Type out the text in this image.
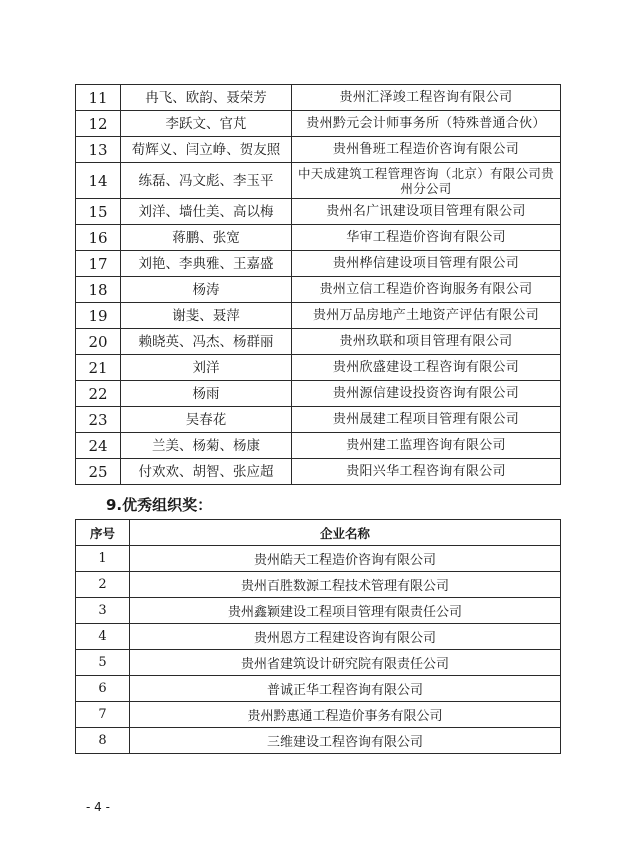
11	冉飞、欧韵、聂荣芳	贵州汇泽竣工程咨询有限公司
12	李跃文、官芃	贵州黔元会计师事务所（特殊普通合伙）
13	荀辉义、闫立峥、贺友照	贵州鲁班工程造价咨询有限公司
14	练磊、冯文彪、李玉平	中天成建筑工程管理咨询（北京）有限公司贵州分公司
15	刘洋、墙仕美、高以梅	贵州名广讯建设项目管理有限公司
16	蒋鹏、张宽	华审工程造价咨询有限公司
17	刘艳、李典雅、王嘉盛	贵州桦信建设项目管理有限公司
18	杨涛	贵州立信工程造价咨询服务有限公司
19	谢斐、聂萍	贵州万品房地产土地资产评估有限公司
20	赖晓英、冯杰、杨群丽	贵州玖联和项目管理有限公司
21	刘洋	贵州欣盛建设工程咨询有限公司
22	杨雨	贵州源信建设投资咨询有限公司
23	吴春花	贵州晟建工程项目管理有限公司
24	兰美、杨菊、杨康	贵州建工监理咨询有限公司
25	付欢欢、胡智、张应超	贵阳兴华工程咨询有限公司
9.优秀组织奖：
序号	企业名称
1	贵州皓天工程造价咨询有限公司
2	贵州百胜数源工程技术管理有限公司
3	贵州鑫颖建设工程项目管理有限责任公司
4	贵州恩方工程建设咨询有限公司
5	贵州省建筑设计研究院有限责任公司
6	普诚正华工程咨询有限公司
7	贵州黔惠通工程造价事务有限公司
8	三维建设工程咨询有限公司
- 4 -
